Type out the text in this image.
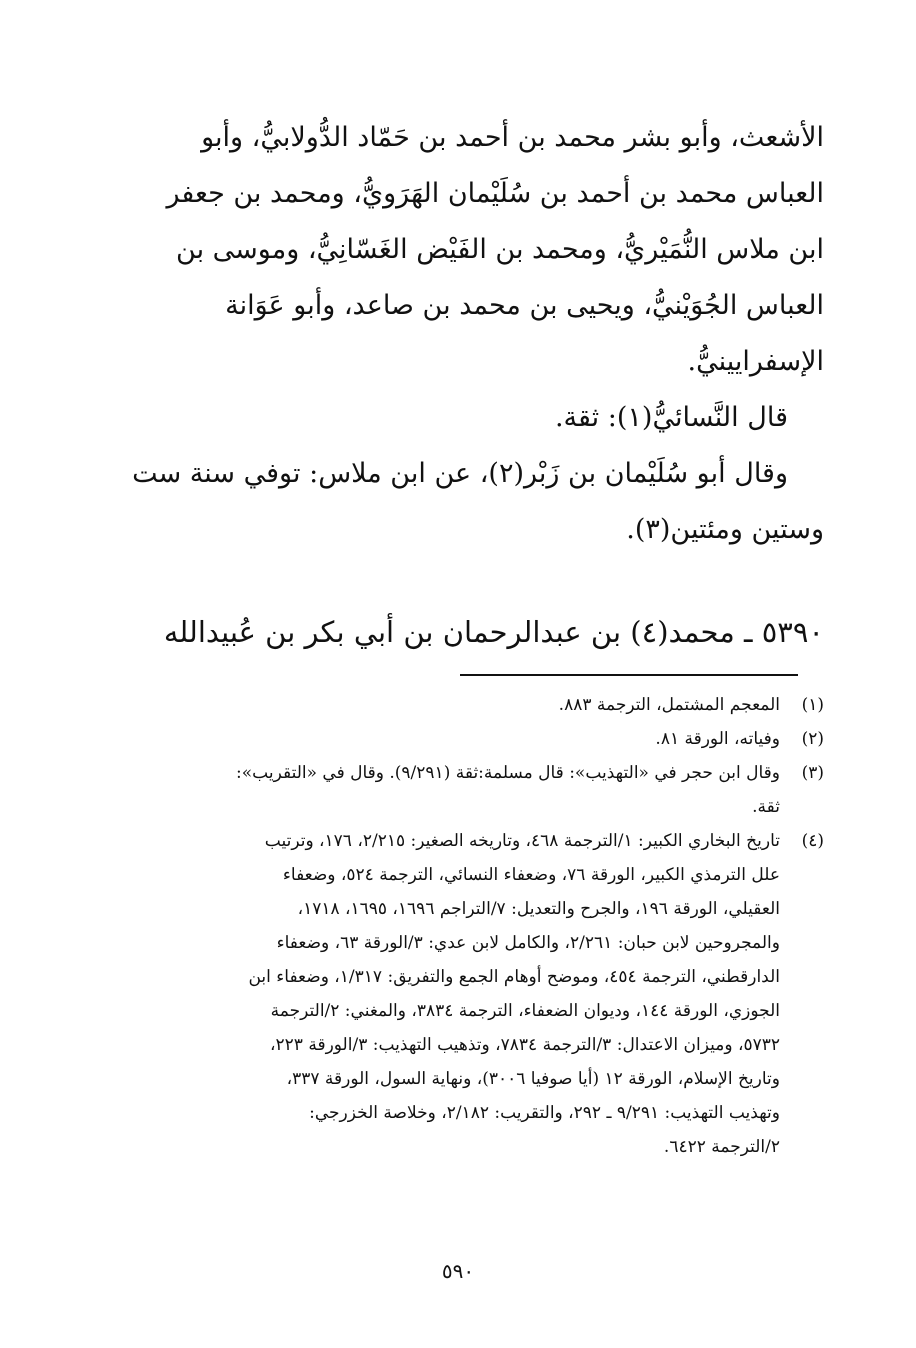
الأشعث، وأبو بشر محمد بن أحمد بن حَمّاد الدُّولابيُّ، وأبو
العباس محمد بن أحمد بن سُلَيْمان الهَرَويُّ، ومحمد بن جعفر
ابن ملاس النُّمَيْريُّ، ومحمد بن الفَيْض الغَسّانِيُّ، وموسى بن
العباس الجُوَيْنيُّ، ويحيى بن محمد بن صاعد، وأبو عَوَانة
الإسفرايينيُّ.
قال النَّسائيُّ(١): ثقة.
وقال أبو سُلَيْمان بن زَبْر(٢)، عن ابن ملاس: توفي سنة ست
وستين ومئتين(٣).
٥٣٩٠ ـ محمد(٤) بن عبدالرحمان بن أبي بكر بن عُبيدالله
(١)
المعجم المشتمل، الترجمة ٨٨٣.
(٢)
وفياته، الورقة ٨١.
(٣)
وقال ابن حجر في «التهذيب»: قال مسلمة:ثقة (٩/٢٩١). وقال في «التقريب»:
ثقة.
(٤)
تاريخ البخاري الكبير: ١/الترجمة ٤٦٨، وتاريخه الصغير: ٢/٢١٥، ١٧٦، وترتيب
علل الترمذي الكبير، الورقة ٧٦، وضعفاء النسائي، الترجمة ٥٢٤، وضعفاء
العقيلي، الورقة ١٩٦، والجرح والتعديل: ٧/التراجم ١٦٩٦، ١٦٩٥، ١٧١٨،
والمجروحين لابن حبان: ٢/٢٦١، والكامل لابن عدي: ٣/الورقة ٦٣، وضعفاء
الدارقطني، الترجمة ٤٥٤، وموضح أوهام الجمع والتفريق: ١/٣١٧، وضعفاء ابن
الجوزي، الورقة ١٤٤، وديوان الضعفاء، الترجمة ٣٨٣٤، والمغني: ٢/الترجمة
٥٧٣٢، وميزان الاعتدال: ٣/الترجمة ٧٨٣٤، وتذهيب التهذيب: ٣/الورقة ٢٢٣،
وتاريخ الإسلام، الورقة ١٢ (أيا صوفيا ٣٠٠٦)، ونهاية السول، الورقة ٣٣٧،
وتهذيب التهذيب: ٩/٢٩١ ـ ٢٩٢، والتقريب: ٢/١٨٢، وخلاصة الخزرجي:
٢/الترجمة ٦٤٢٢.
٥٩٠
